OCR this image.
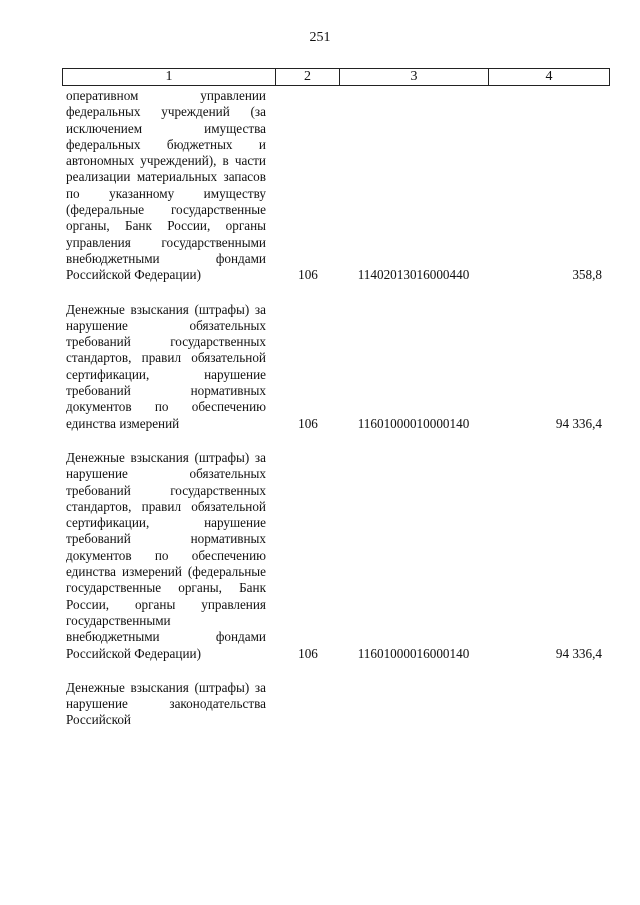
251
1	2	3	4
оперативном управлении федеральных учреждений (за исключением имущества федеральных бюджетных и автономных учреждений), в части реализации материальных запасов по указанному имуществу (федеральные государственные органы, Банк России, органы управления государственными внебюджетными фондами Российской Федерации)	106	11402013016000440	358,8
Денежные взыскания (штрафы) за нарушение обязательных требований государственных стандартов, правил обязательной сертификации, нарушение требований нормативных документов по обеспечению единства измерений	106	11601000010000140	94 336,4
Денежные взыскания (штрафы) за нарушение обязательных требований государственных стандартов, правил обязательной сертификации, нарушение требований нормативных документов по обеспечению единства измерений (федеральные государственные органы, Банк России, органы управления государственными внебюджетными фондами Российской Федерации)	106	11601000016000140	94 336,4
Денежные взыскания (штрафы) за нарушение законодательства Российской
